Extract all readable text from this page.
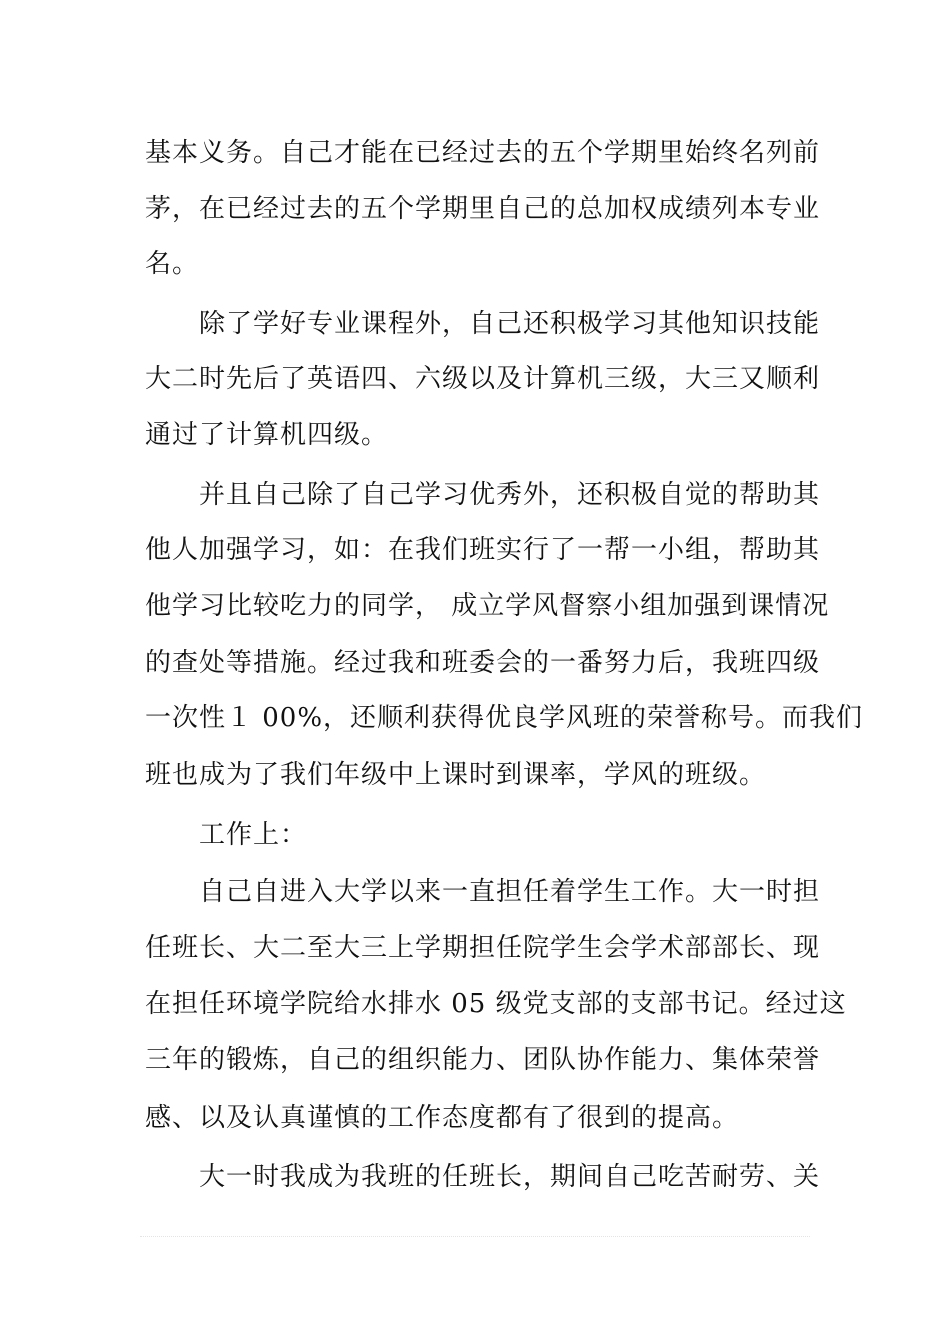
基本义务。自己才能在已经过去的五个学期里始终名列前
茅，在已经过去的五个学期里自己的总加权成绩列本专业
名。
除了学好专业课程外，自己还积极学习其他知识技能
大二时先后了英语四、六级以及计算机三级，大三又顺利
通过了计算机四级。
并且自己除了自己学习优秀外，还积极自觉的帮助其
他人加强学习，如：在我们班实行了一帮一小组，帮助其
他学习比较吃力的同学， 成立学风督察小组加强到课情况
的查处等措施。经过我和班委会的一番努力后，我班四级
一次性１ 00%，还顺利获得优良学风班的荣誉称号。而我们
班也成为了我们年级中上课时到课率，学风的班级。
工作上：
自己自进入大学以来一直担任着学生工作。大一时担
任班长、大二至大三上学期担任院学生会学术部部长、现
在担任环境学院给水排水 05 级党支部的支部书记。经过这
三年的锻炼，自己的组织能力、团队协作能力、集体荣誉
感、以及认真谨慎的工作态度都有了很到的提高。
大一时我成为我班的任班长，期间自己吃苦耐劳、关
